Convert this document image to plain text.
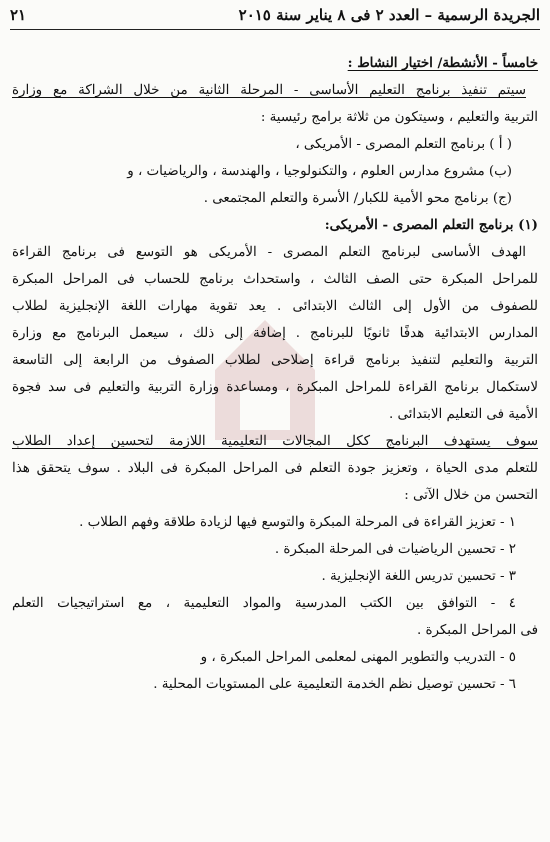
الجريدة الرسمية – العدد ٢ فى ٨ يناير سنة ٢٠١٥
٢١
خامساً - الأنشطة/ اختيار النشاط :
سيتم تنفيذ برنامج التعليم الأساسى - المرحلة الثانية من خلال الشراكة مع وزارة
التربية والتعليم ، وسيتكون من ثلاثة برامج رئيسية :
( أ ) برنامج التعلم المصرى - الأمريكى ،
(ب) مشروع مدارس العلوم ، والتكنولوجيا ، والهندسة ، والرياضيات ، و
(ج) برنامج محو الأمية للكبار/ الأسرة والتعلم المجتمعى .
(١) برنامج التعلم المصرى - الأمريكى:
الهدف الأساسى لبرنامج التعلم المصرى - الأمريكى هو التوسع فى برنامج القراءة
للمراحل المبكرة حتى الصف الثالث ، واستحداث برنامج للحساب فى المراحل المبكرة
للصفوف من الأول إلى الثالث الابتدائى . يعد تقوية مهارات اللغة الإنجليزية لطلاب
المدارس الابتدائية هدفًا ثانويًا للبرنامج . إضافة إلى ذلك ، سيعمل البرنامج مع وزارة
التربية والتعليم لتنفيذ برنامج قراءة إصلاحى لطلاب الصفوف من الرابعة إلى التاسعة
لاستكمال برنامج القراءة للمراحل المبكرة ، ومساعدة وزارة التربية والتعليم فى سد فجوة
الأمية فى التعليم الابتدائى .
سوف يستهدف البرنامج ككل المجالات التعليمية اللازمة لتحسين إعداد الطلاب
للتعلم مدى الحياة ، وتعزيز جودة التعلم فى المراحل المبكرة فى البلاد . سوف يتحقق هذا
التحسن من خلال الآتى :
١ - تعزيز القراءة فى المرحلة المبكرة والتوسع فيها لزيادة طلاقة وفهم الطلاب .
٢ - تحسين الرياضيات فى المرحلة المبكرة .
٣ - تحسين تدريس اللغة الإنجليزية .
٤ - التوافق بين الكتب المدرسية والمواد التعليمية ، مع استراتيجيات التعلم
فى المراحل المبكرة .
٥ - التدريب والتطوير المهنى لمعلمى المراحل المبكرة ، و
٦ - تحسين توصيل نظم الخدمة التعليمية على المستويات المحلية .
